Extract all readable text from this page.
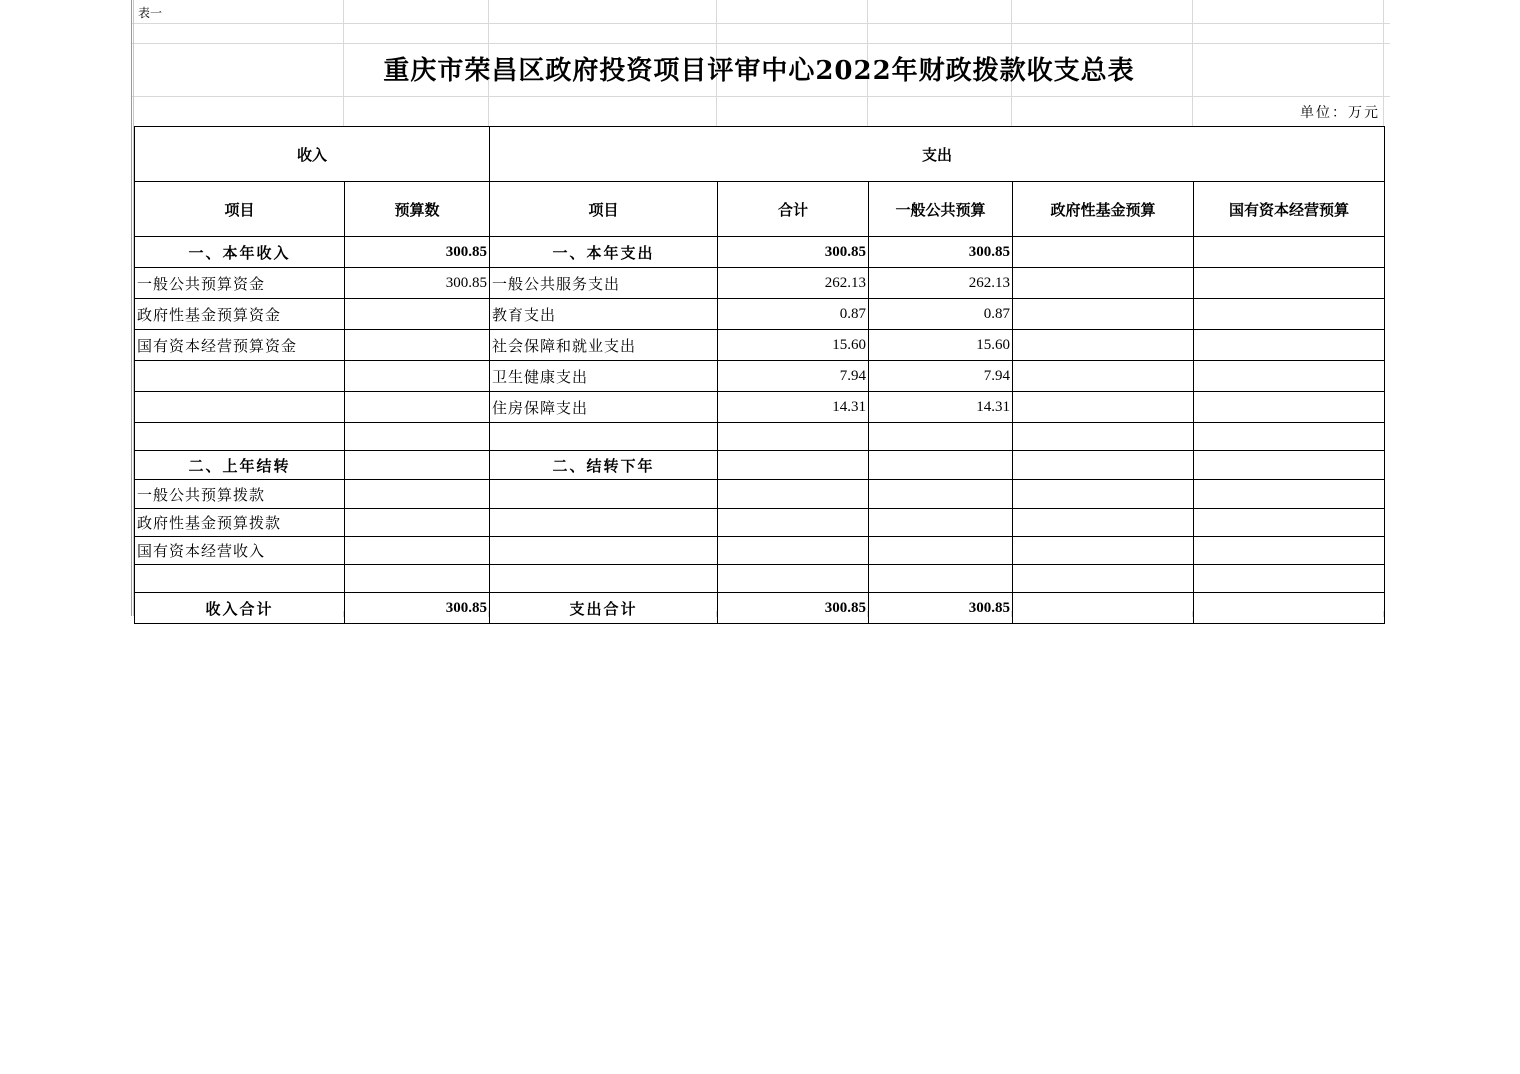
表一
重庆市荣昌区政府投资项目评审中心2022年财政拨款收支总表
单位：万元
收入		支出				
项目	预算数	项目	合计	一般公共预算	政府性基金预算	国有资本经营预算
一、本年收入	300.85	一、本年支出	300.85	300.85		
一般公共预算资金	300.85	一般公共服务支出	262.13	262.13		
政府性基金预算资金		教育支出	0.87	0.87		
国有资本经营预算资金		社会保障和就业支出	15.60	15.60		
		卫生健康支出	7.94	7.94		
		住房保障支出	14.31	14.31		

二、上年结转		二、结转下年				
一般公共预算拨款						
政府性基金预算拨款						
国有资本经营收入						

收入合计	300.85	支出合计	300.85	300.85		
